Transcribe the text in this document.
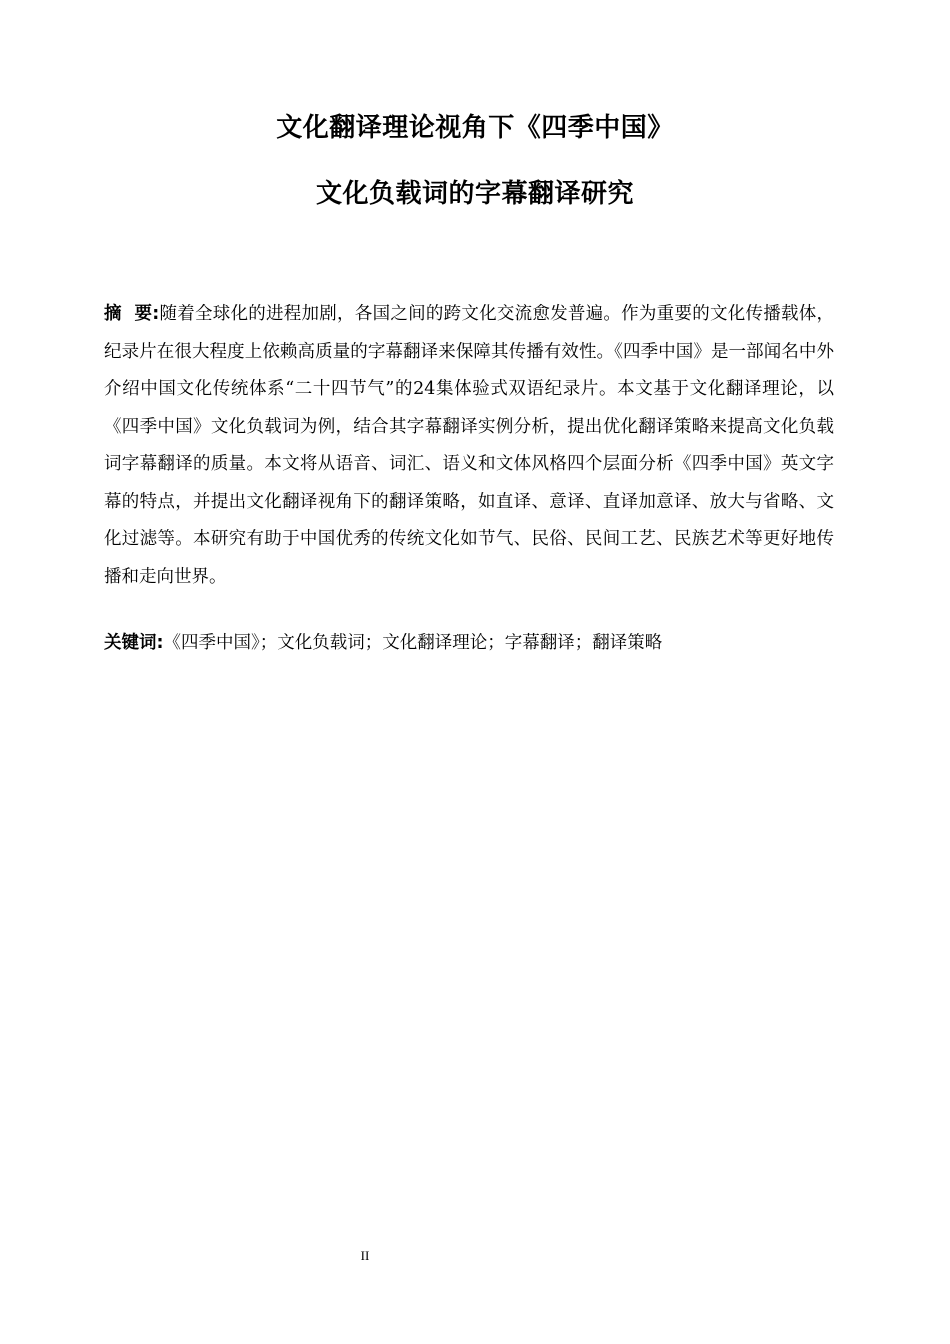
文化翻译理论视角下《四季中国》
文化负载词的字幕翻译研究
摘  要:随着全球化的进程加剧，各国之间的跨文化交流愈发普遍。作为重要的文化传播载体，纪录片在很大程度上依赖高质量的字幕翻译来保障其传播有效性。《四季中国》是一部闻名中外介绍中国文化传统体系“二十四节气”的24集体验式双语纪录片。本文基于文化翻译理论，以《四季中国》文化负载词为例，结合其字幕翻译实例分析，提出优化翻译策略来提高文化负载词字幕翻译的质量。本文将从语音、词汇、语义和文体风格四个层面分析《四季中国》英文字幕的特点，并提出文化翻译视角下的翻译策略，如直译、意译、直译加意译、放大与省略、文化过滤等。本研究有助于中国优秀的传统文化如节气、民俗、民间工艺、民族艺术等更好地传播和走向世界。
关键词:《四季中国》；文化负载词；文化翻译理论；字幕翻译；翻译策略
II
